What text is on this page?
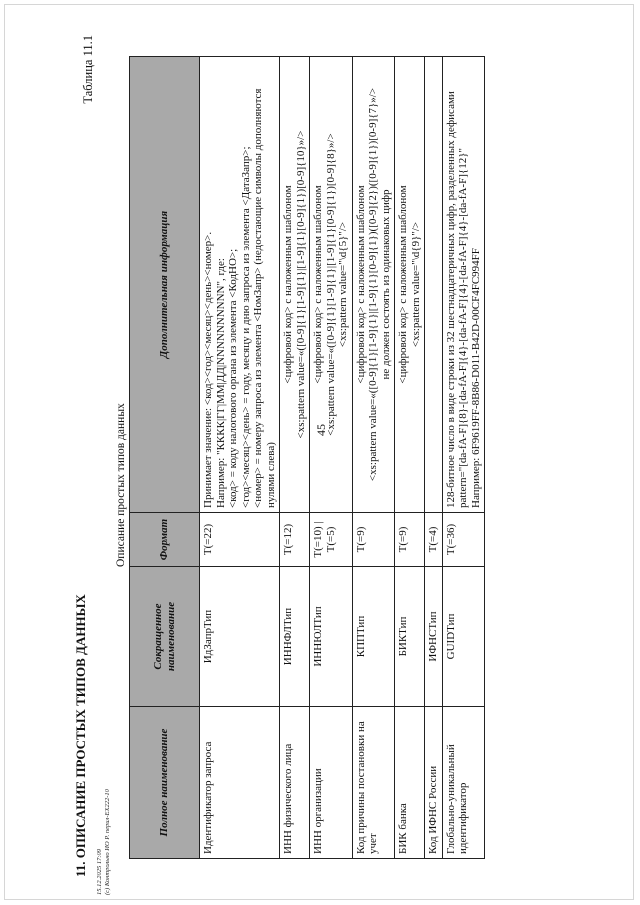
45
15.12.2025 17:09 (с) Контрольно ИО Р. перил-ЕХ222-10
11. ОПИСАНИЕ ПРОСТЫХ ТИПОВ ДАННЫХ
Таблица 11.1
Описание простых типов данных
Полное наименование	Сокращенное наименование	Формат	Дополнительная информация
Идентификатор запроса	ИдЗапрТип	T(=22)	Принимает значение: <код><год><месяц><день><номер>. Например: "КККК|ГГ|ММ|ДД|NNNNNNNNNN", где: <код> = коду налогового органа из элемента <КодНО>; <год><месяц><день> = году, месяцу и дню запроса из элемента <ДатаЗапр>; <номер> = номеру запроса из элемента <НомЗапр> (недостающие символы дополняются нулями слева)

ИНН физического лица	ИННФЛТип	T(=12)	<цифровой код> с наложенным шаблоном <xs:pattern value=«([0-9]{1}[1-9]{1}|[1-9]{1}[0-9]{1})[0-9]{10}»/>

ИНН организации	ИННЮЛТип	T(=10) | T(=5)	<цифровой код> с наложенным шаблоном <xs:pattern value=«([0-9]{1}[1-9]{1}|[1-9]{1}[0-9]{1})[0-9]{8}»/> <xs:pattern value="\d{5}"/>

Код причины постановки на учет	КППТип	T(=9)	<цифровой код> с наложенным шаблоном <xs:pattern value=«([0-9]{1}[1-9]{1}|[1-9]{1}[0-9]{1})([0-9]{2})([0-9]{1})[0-9]{7}»/> не должен состоять из одинаковых цифр

БИК банка	БИКТип	T(=9)	<цифровой код> с наложенным шаблоном <xs:pattern value="\d{9}"/>

Код ИФНС России	ИФНСТип	T(=4)	

Глобально-уникальный идентификатор	GUIDТип	T(=36)	128-битное число в виде строки из 32 шестнадцатеричных цифр, разделенных дефисами pattern="[da-fA-F]{8}-[da-fA-F]{4}-[da-fA-F]{4}-[da-fA-F]{4}-[da-fA-F]{12}" Например: 6F9619FF-8B86-D011-B42D-00CF4FC994FF
